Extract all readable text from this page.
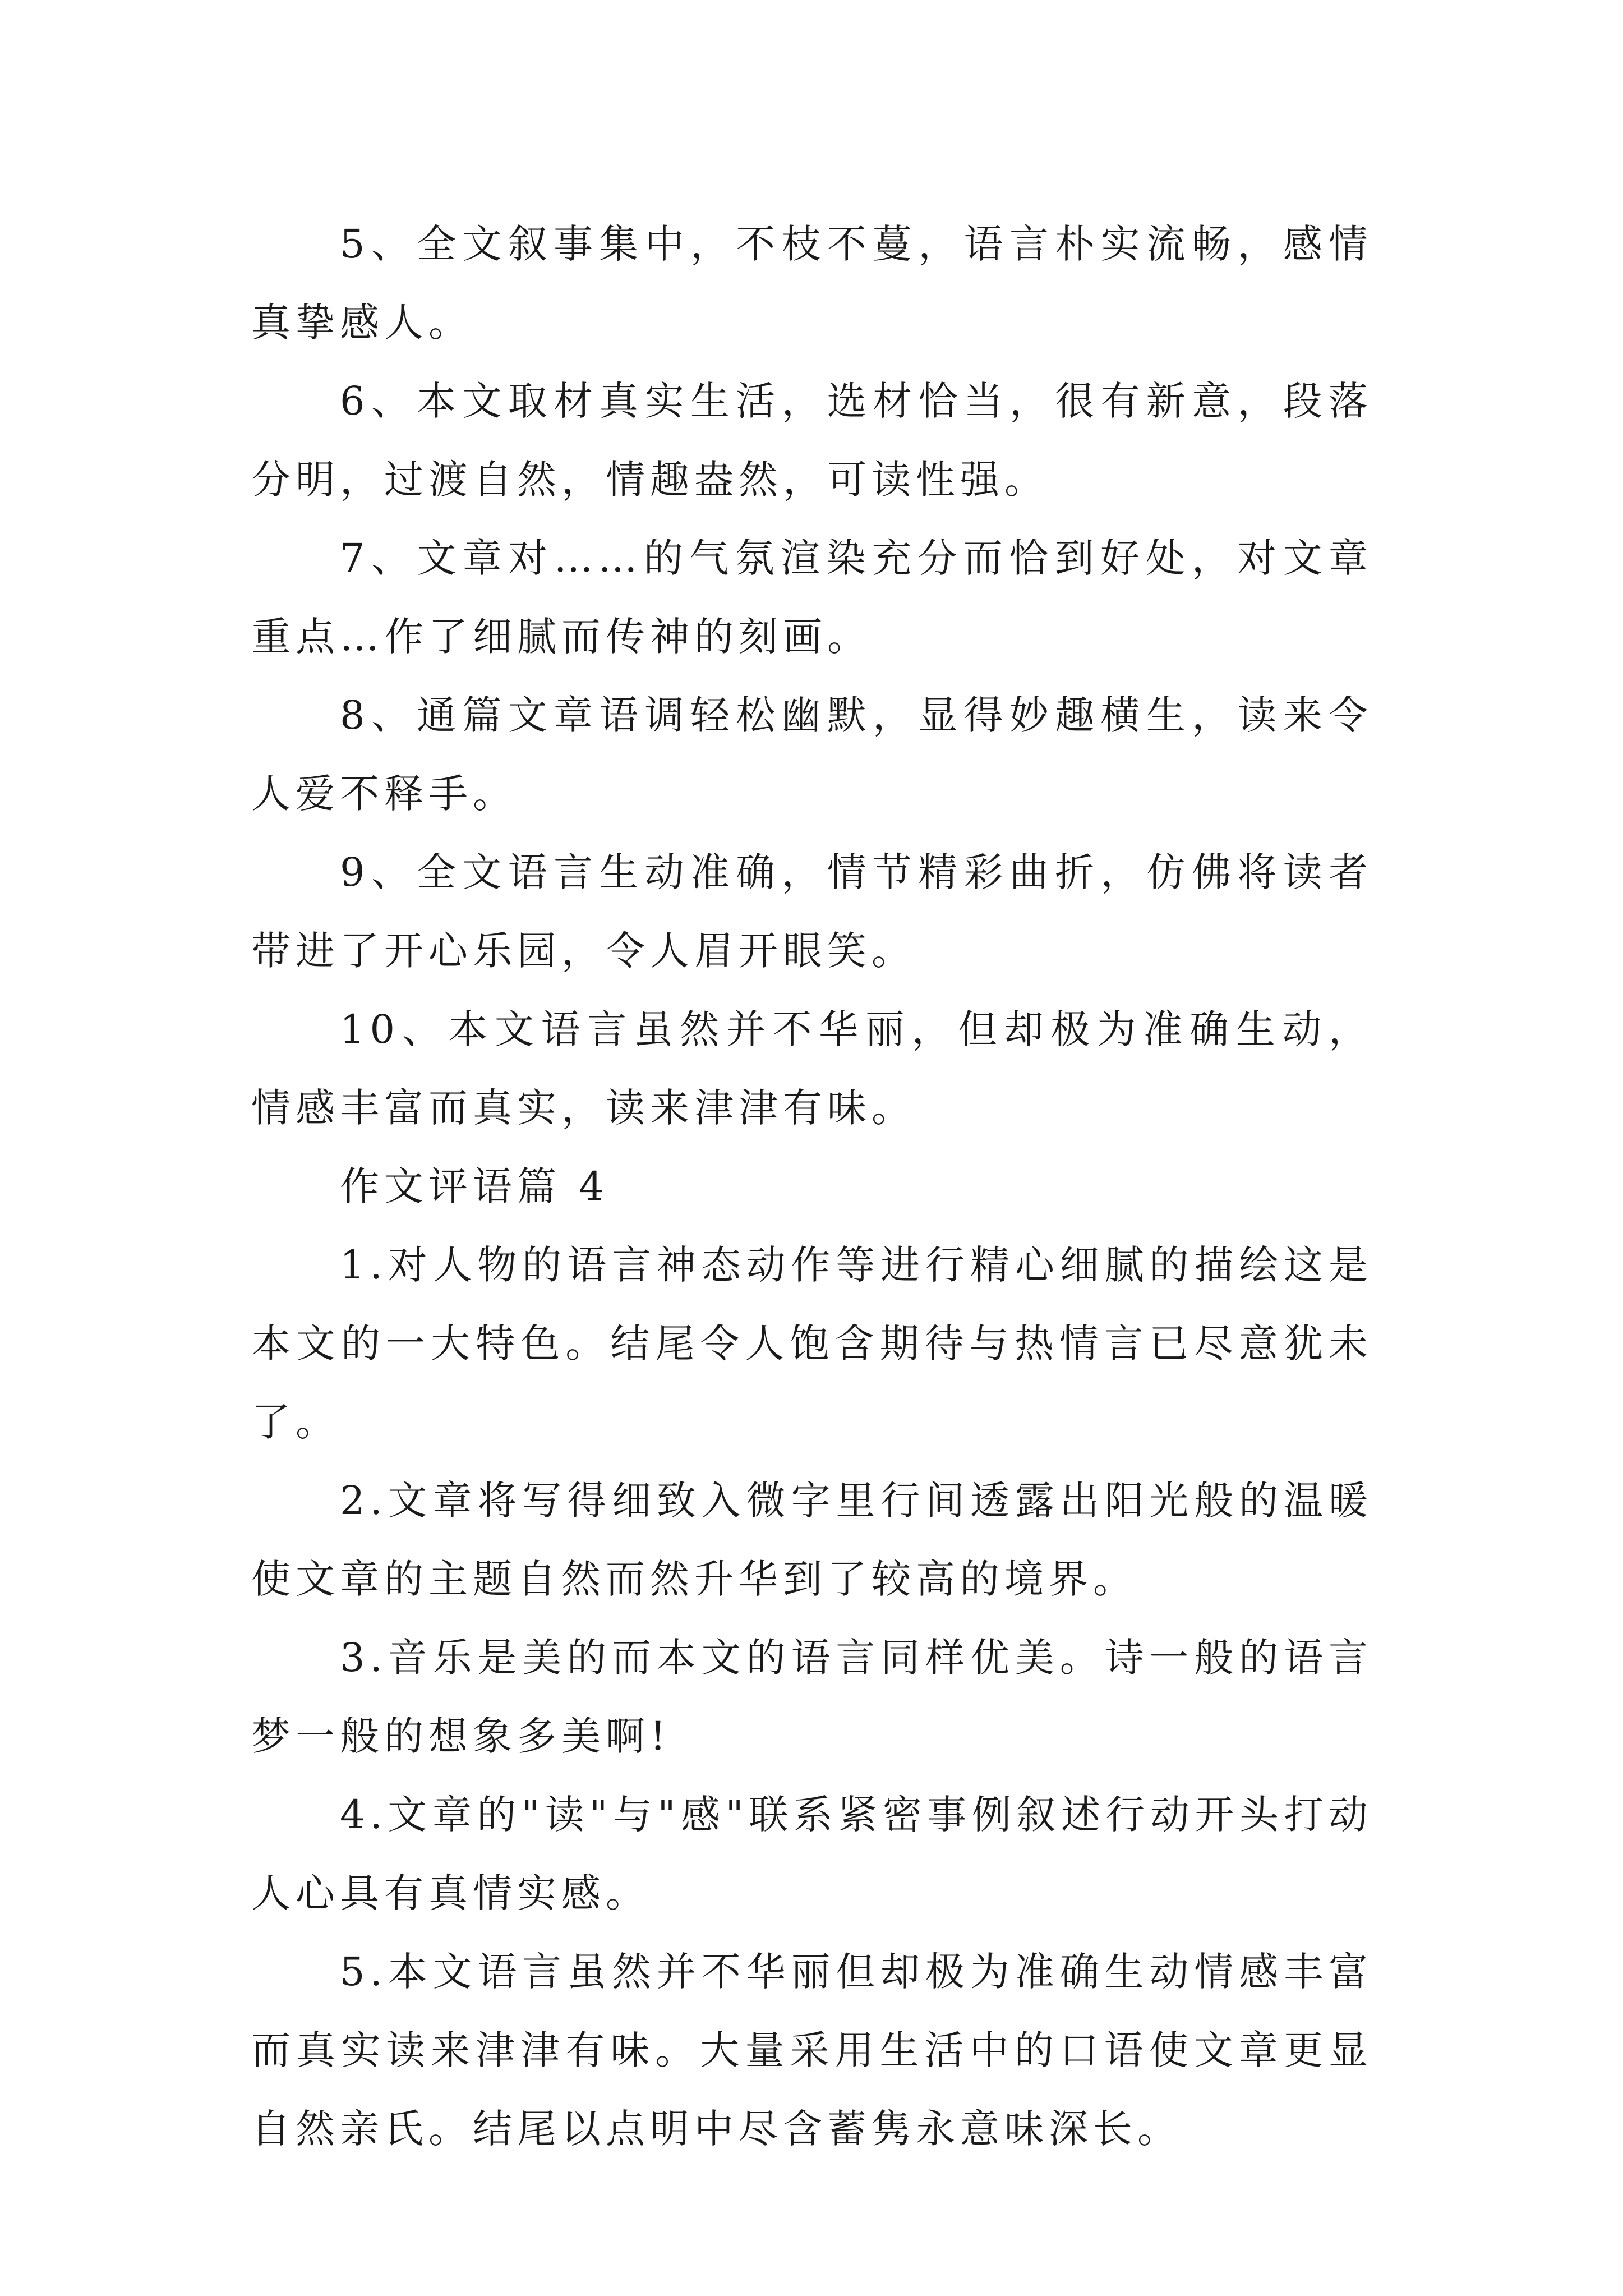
5、全文叙事集中，不枝不蔓，语言朴实流畅，感情真挚感人。

6、本文取材真实生活，选材恰当，很有新意，段落分明，过渡自然，情趣盎然，可读性强。

7、文章对……的气氛渲染充分而恰到好处，对文章重点…作了细腻而传神的刻画。

8、通篇文章语调轻松幽默，显得妙趣横生，读来令人爱不释手。

9、全文语言生动准确，情节精彩曲折，仿佛将读者带进了开心乐园，令人眉开眼笑。

10、本文语言虽然并不华丽，但却极为准确生动，情感丰富而真实，读来津津有味。

作文评语篇 4

1.对人物的语言神态动作等进行精心细腻的描绘这是本文的一大特色。结尾令人饱含期待与热情言已尽意犹未了。

2.文章将写得细致入微字里行间透露出阳光般的温暖使文章的主题自然而然升华到了较高的境界。

3.音乐是美的而本文的语言同样优美。诗一般的语言梦一般的想象多美啊!

4.文章的"读"与"感"联系紧密事例叙述行动开头打动人心具有真情实感。

5.本文语言虽然并不华丽但却极为准确生动情感丰富而真实读来津津有味。大量采用生活中的口语使文章更显自然亲氏。结尾以点明中尽含蓄隽永意味深长。
